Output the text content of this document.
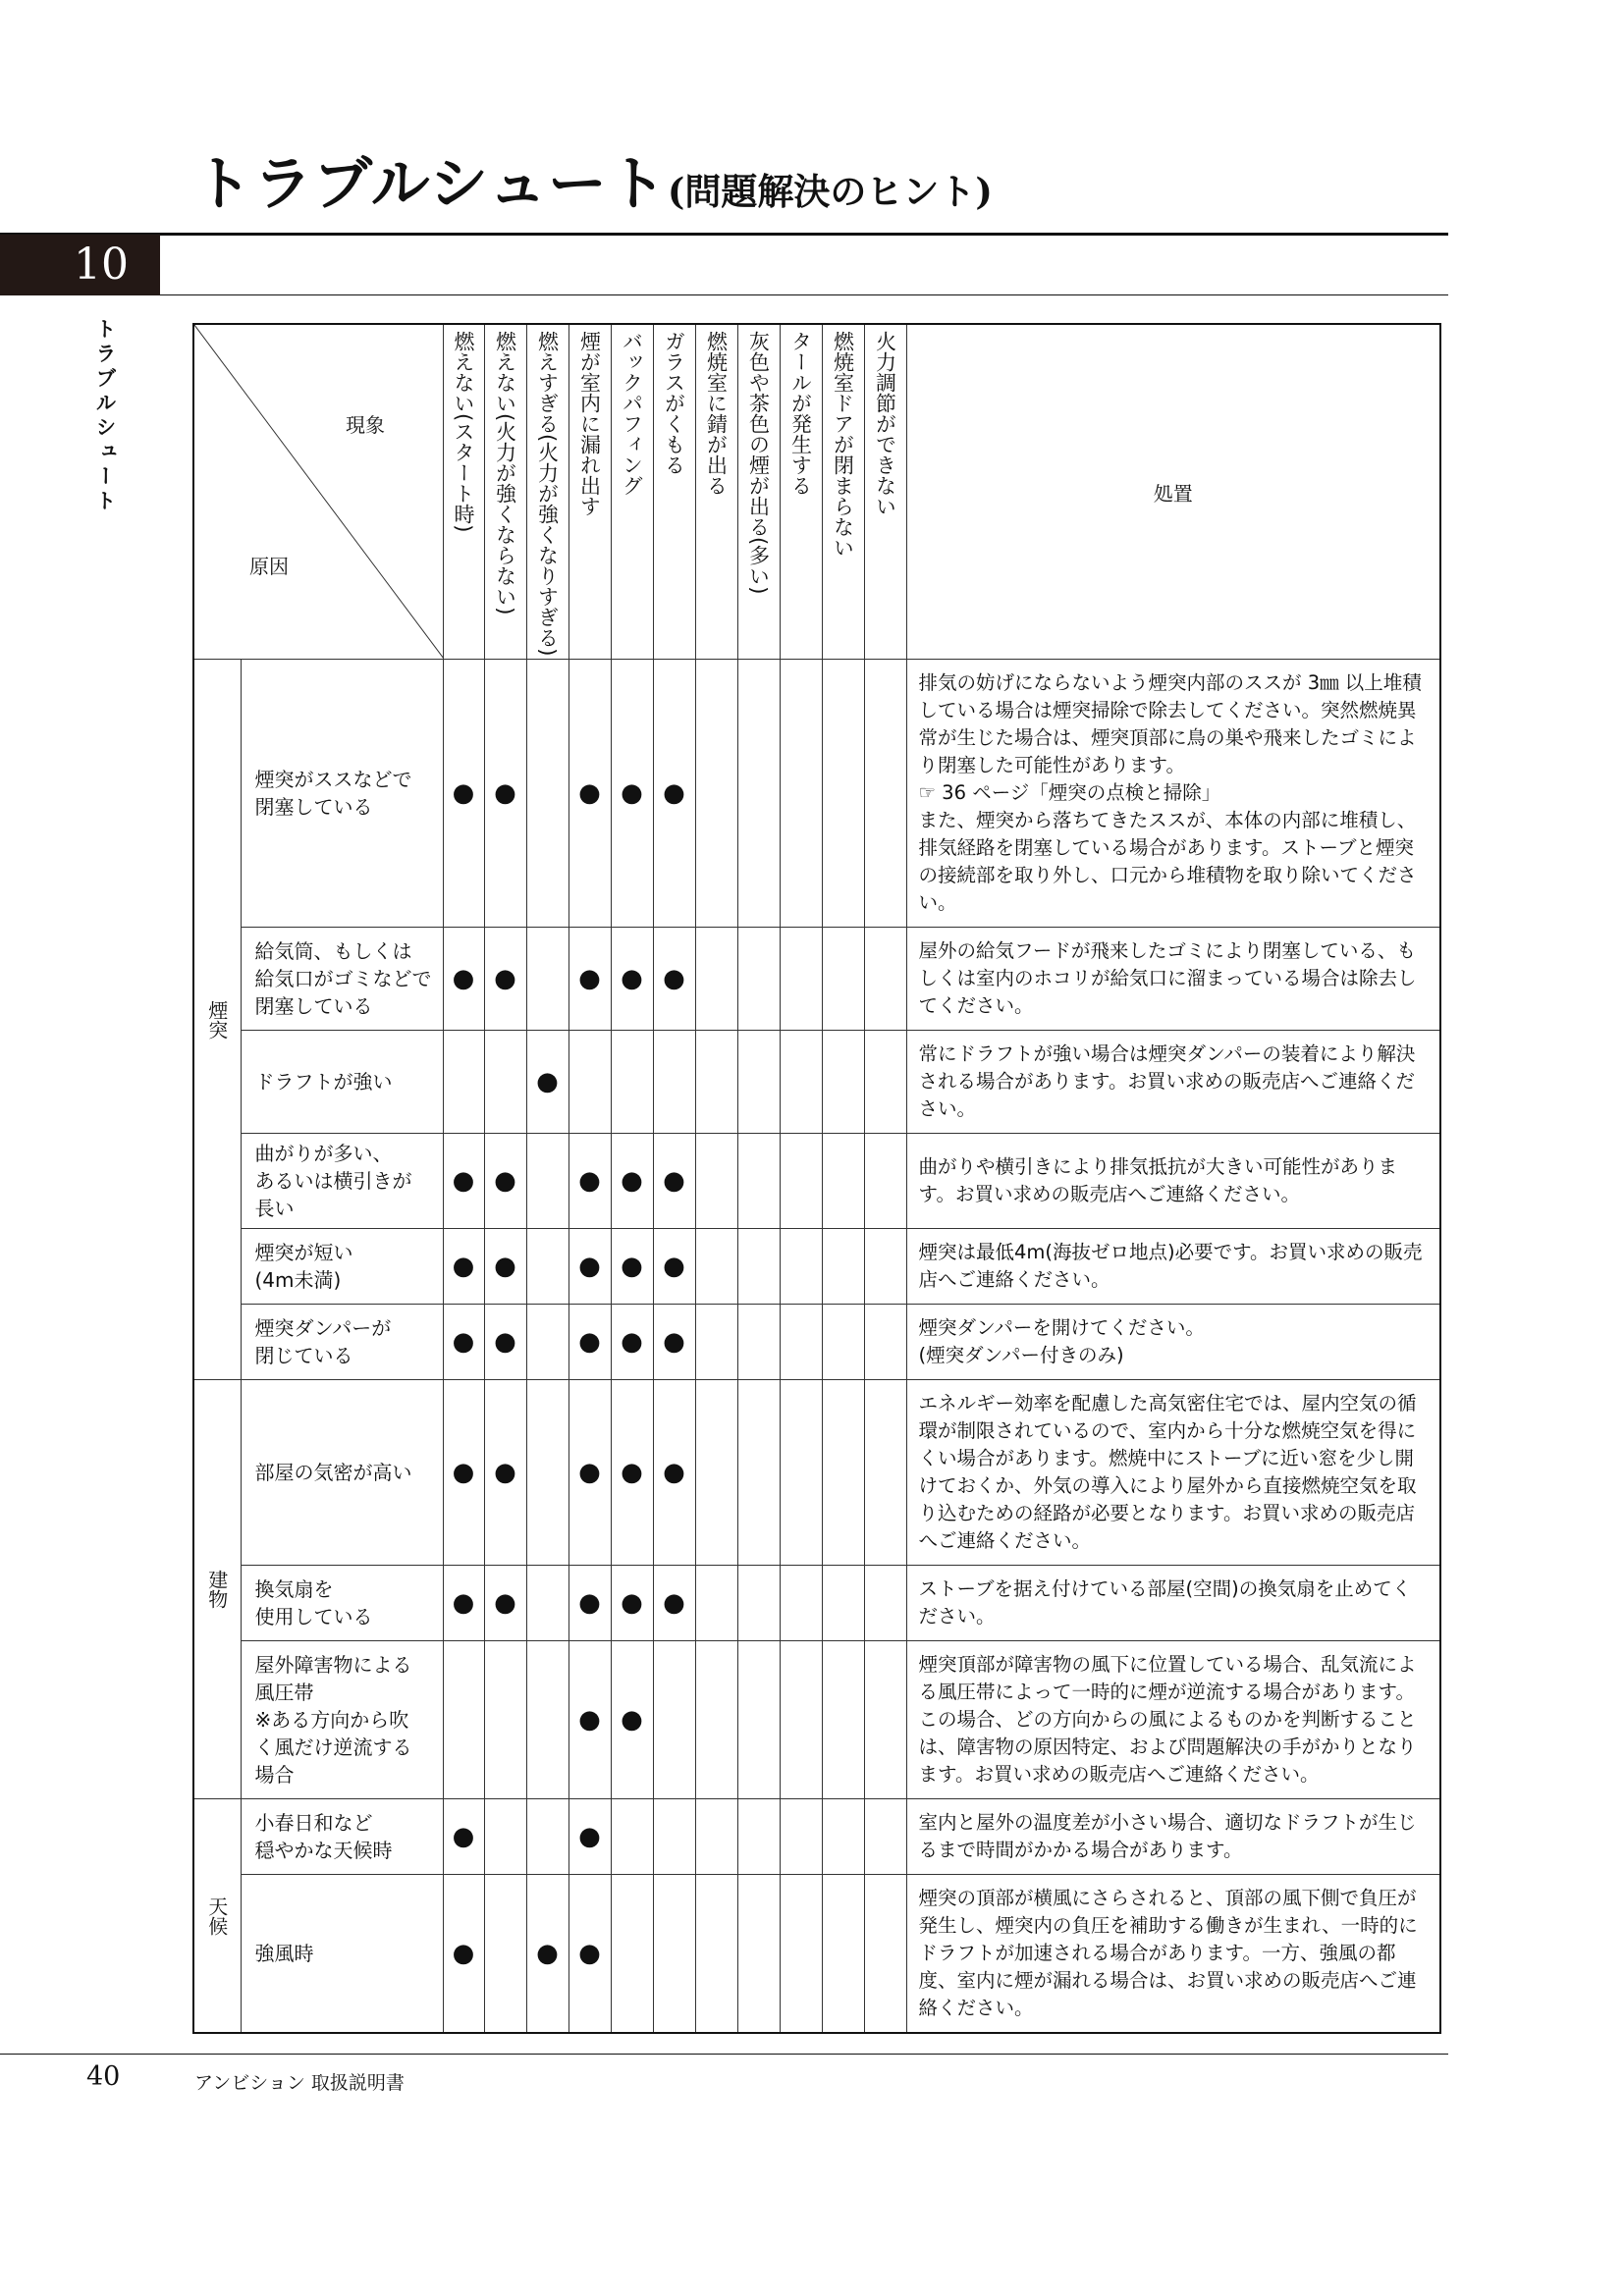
トラブルシュート(問題解決のヒント)
10
トラブルシュート	現象
原因		燃えない(スタート時)	燃えない(火力が強くならない)	燃えすぎる(火力が強くなりすぎる)	煙が室内に漏れ出す	バックパフィング	ガラスがくもる	燃焼室に錆が出る	灰色や茶色の煙が出る(多い)	タールが発生する	燃焼室ドアが閉まらない	火力調節ができない	処置

煙突	煙突がススなどで
閉塞している	●	●		●	●	●						排気の妨げにならないよう煙突内部のススが 3㎜ 以上堆積している場合は煙突掃除で除去してください。突然燃焼異常が生じた場合は、煙突頂部に鳥の巣や飛来したゴミにより閉塞した可能性があります。
☞ 36 ページ「煙突の点検と掃除」
また、煙突から落ちてきたススが、本体の内部に堆積し、排気経路を閉塞している場合があります。ストーブと煙突の接続部を取り外し、口元から堆積物を取り除いてください。
	給気筒、もしくは
給気口がゴミなどで
閉塞している	●	●		●	●	●						屋外の給気フードが飛来したゴミにより閉塞している、もしくは室内のホコリが給気口に溜まっている場合は除去してください。
	ドラフトが強い			●									常にドラフトが強い場合は煙突ダンパーの装着により解決される場合があります。お買い求めの販売店へご連絡ください。
	曲がりが多い、
あるいは横引きが
長い	●	●		●	●	●						曲がりや横引きにより排気抵抗が大きい可能性があります。お買い求めの販売店へご連絡ください。
	煙突が短い
(4m未満)	●	●		●	●	●						煙突は最低4m(海抜ゼロ地点)必要です。お買い求めの販売店へご連絡ください。
	煙突ダンパーが
閉じている	●	●		●	●	●						煙突ダンパーを開けてください。
(煙突ダンパー付きのみ)

建物	部屋の気密が高い	●	●		●	●	●						エネルギー効率を配慮した高気密住宅では、屋内空気の循環が制限されているので、室内から十分な燃焼空気を得にくい場合があります。燃焼中にストーブに近い窓を少し開けておくか、外気の導入により屋外から直接燃焼空気を取り込むための経路が必要となります。お買い求めの販売店へご連絡ください。
	換気扇を
使用している	●	●		●	●	●						ストーブを据え付けている部屋(空間)の換気扇を止めてください。
	屋外障害物による
風圧帯
※ある方向から吹
く風だけ逆流する
場合				●	●							煙突頂部が障害物の風下に位置している場合、乱気流による風圧帯によって一時的に煙が逆流する場合があります。この場合、どの方向からの風によるものかを判断することは、障害物の原因特定、および問題解決の手がかりとなります。お買い求めの販売店へご連絡ください。

天候	小春日和など
穏やかな天候時	●			●								室内と屋外の温度差が小さい場合、適切なドラフトが生じるまで時間がかかる場合があります。
	強風時	●		●	●								煙突の頂部が横風にさらされると、頂部の風下側で負圧が発生し、煙突内の負圧を補助する働きが生まれ、一時的にドラフトが加速される場合があります。一方、強風の都度、室内に煙が漏れる場合は、お買い求めの販売店へご連絡ください。
40	アンビション 取扱説明書
